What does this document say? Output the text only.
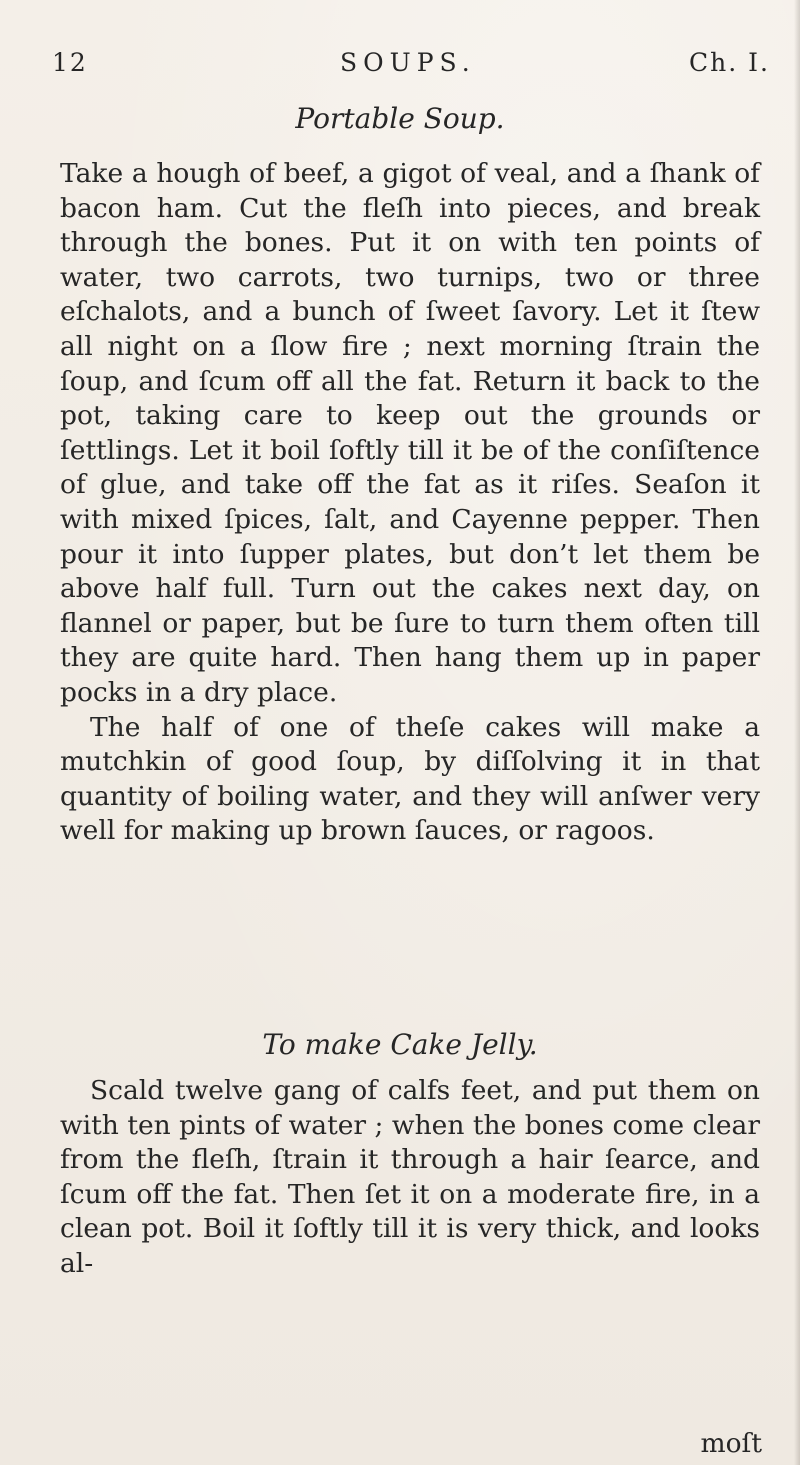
12	SOUPS.	Ch. I.
Portable Soup.

Take a hough of beef, a gigot of veal, and a ſhank of bacon ham. Cut the fleſh into pieces, and break through the bones. Put it on with ten points of water, two carrots, two turnips, two or three eſchalots, and a bunch of ſweet ſavory. Let it ſtew all night on a ſlow fire ; next morning ſtrain the ſoup, and ſcum off all the fat. Return it back to the pot, taking care to keep out the grounds or ſettlings. Let it boil ſoftly till it be of the conſiſtence of glue, and take off the fat as it riſes. Seaſon it with mixed ſpices, ſalt, and Cayenne pepper. Then pour it into ſupper plates, but don’t let them be above half full. Turn out the cakes next day, on flannel or paper, but be ſure to turn them often till they are quite hard. Then hang them up in paper pocks in a dry place.

The half of one of theſe cakes will make a mutchkin of good ſoup, by diſſolving it in that quantity of boiling water, and they will anſwer very well for making up brown ſauces, or ragoos.

To make Cake Jelly.

Scald twelve gang of calfs feet, and put them on with ten pints of water ; when the bones come clear from the fleſh, ſtrain it through a hair ſearce, and ſcum off the fat. Then ſet it on a moderate fire, in a clean pot. Boil it ſoftly till it is very thick, and looks al-

moſt
